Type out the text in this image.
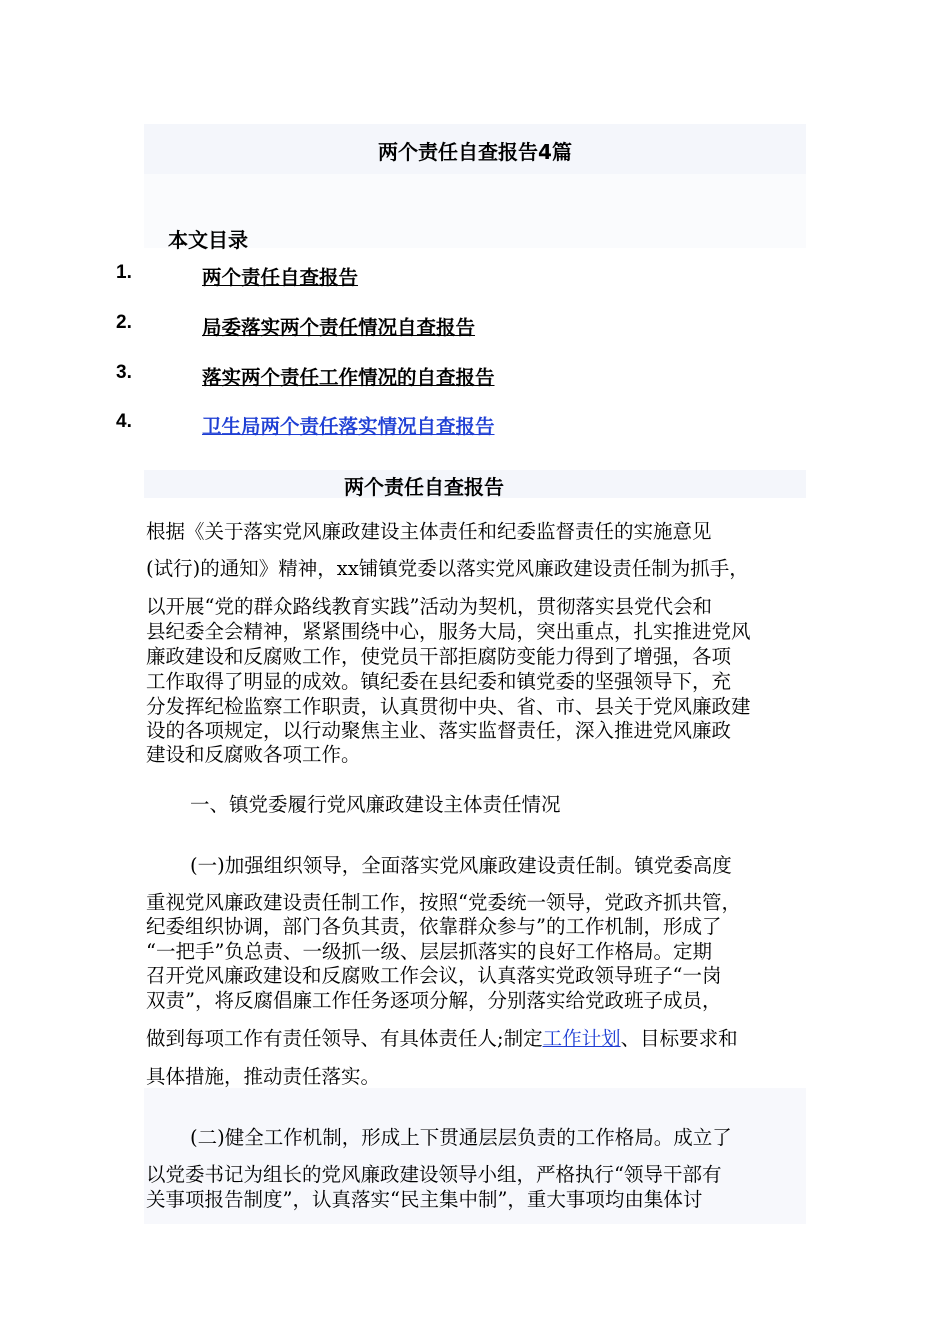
两个责任自查报告4篇
本文目录
1.	两个责任自查报告
2.	局委落实两个责任情况自查报告
3.	落实两个责任工作情况的自查报告
4.	卫生局两个责任落实情况自查报告
两个责任自查报告
根据《关于落实党风廉政建设主体责任和纪委监督责任的实施意见
(试行)的通知》精神，xx铺镇党委以落实党风廉政建设责任制为抓手，
以开展“党的群众路线教育实践”活动为契机，贯彻落实县党代会和
县纪委全会精神，紧紧围绕中心，服务大局，突出重点，扎实推进党风
廉政建设和反腐败工作，使党员干部拒腐防变能力得到了增强，各项
工作取得了明显的成效。镇纪委在县纪委和镇党委的坚强领导下，充
分发挥纪检监察工作职责，认真贯彻中央、省、市、县关于党风廉政建
设的各项规定，以行动聚焦主业、落实监督责任，深入推进党风廉政
建设和反腐败各项工作。
一、镇党委履行党风廉政建设主体责任情况
(一)加强组织领导，全面落实党风廉政建设责任制。镇党委高度
重视党风廉政建设责任制工作，按照“党委统一领导，党政齐抓共管，
纪委组织协调，部门各负其责，依靠群众参与”的工作机制，形成了
“一把手”负总责、一级抓一级、层层抓落实的良好工作格局。定期
召开党风廉政建设和反腐败工作会议，认真落实党政领导班子“一岗
双责”，将反腐倡廉工作任务逐项分解，分别落实给党政班子成员，
做到每项工作有责任领导、有具体责任人;制定工作计划、目标要求和
具体措施，推动责任落实。
(二)健全工作机制，形成上下贯通层层负责的工作格局。成立了
以党委书记为组长的党风廉政建设领导小组，严格执行“领导干部有
关事项报告制度”，认真落实“民主集中制”，重大事项均由集体讨
